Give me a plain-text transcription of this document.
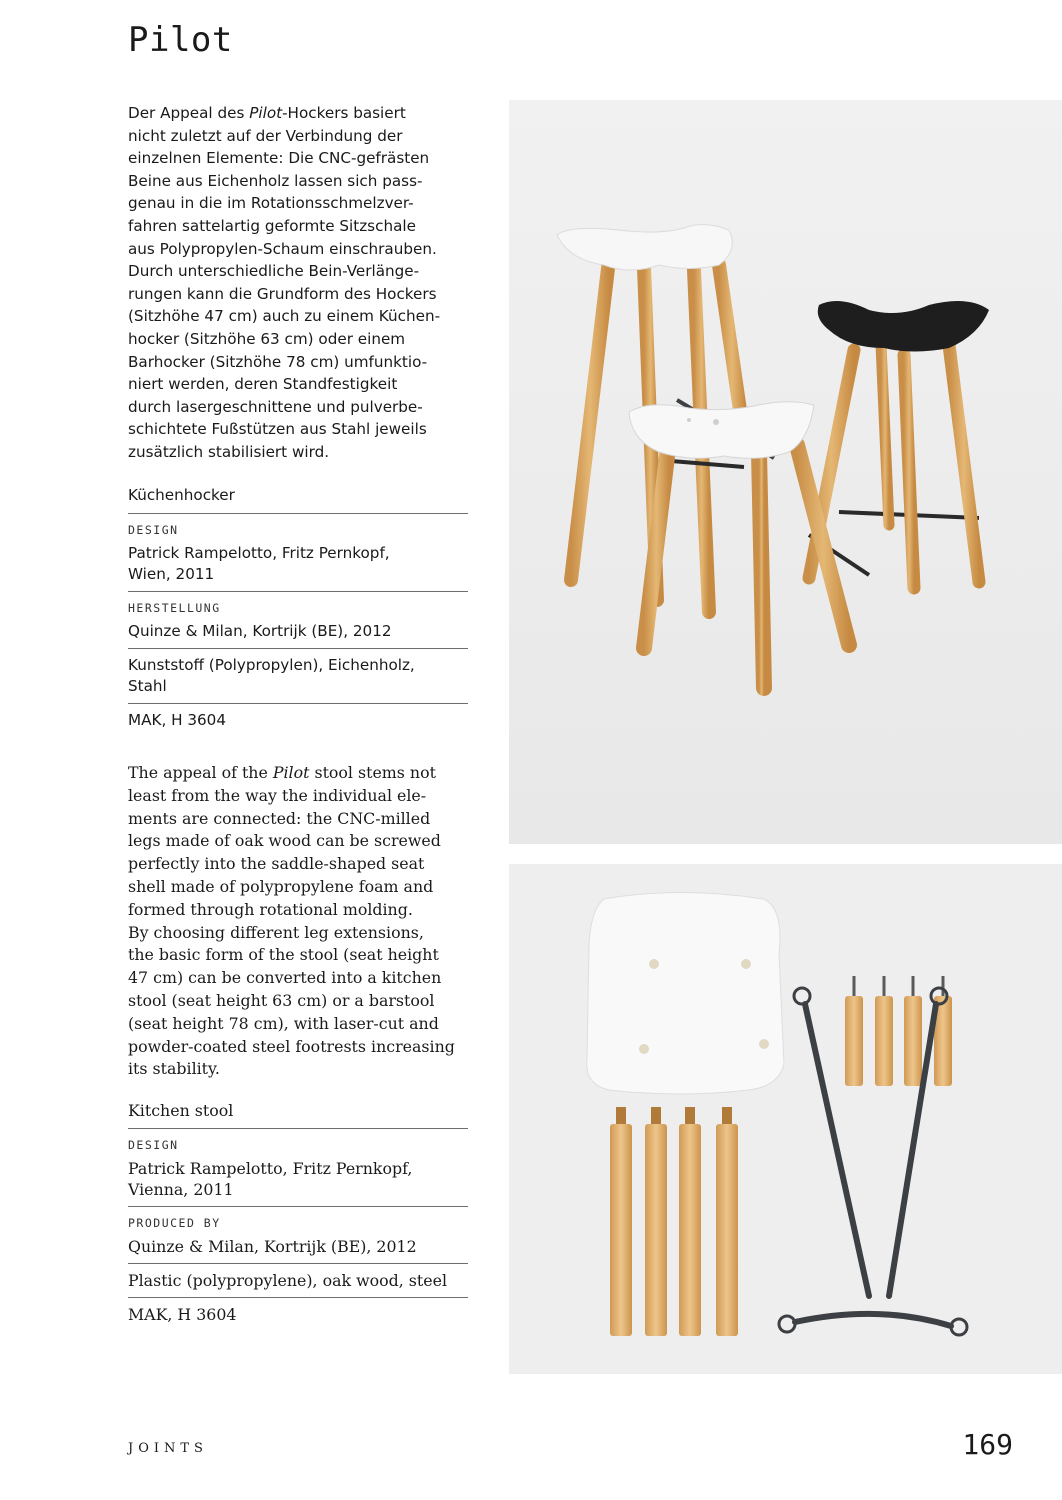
Pilot

Der Appeal des Pilot-Hockers basiert
nicht zuletzt auf der Verbindung der
einzelnen Elemente: Die CNC-gefrästen
Beine aus Eichenholz lassen sich pass-
genau in die im Rotationsschmelzver-
fahren sattelartig geformte Sitzschale
aus Polypropylen-Schaum einschrauben.
Durch unterschiedliche Bein-Verlänge-
rungen kann die Grundform des Hockers
(Sitzhöhe 47 cm) auch zu einem Küchen-
hocker (Sitzhöhe 63 cm) oder einem
Barhocker (Sitzhöhe 78 cm) umfunktio-
niert werden, deren Standfestigkeit
durch lasergeschnittene und pulverbe-
schichtete Fußstützen aus Stahl jeweils
zusätzlich stabilisiert wird.

Küchenhocker
DESIGN
Patrick Rampelotto, Fritz Pernkopf,
Wien, 2011
HERSTELLUNG
Quinze & Milan, Kortrijk (BE), 2012
Kunststoff (Polypropylen), Eichenholz,
Stahl
MAK, H 3604

The appeal of the Pilot stool stems not
least from the way the individual ele-
ments are connected: the CNC-milled
legs made of oak wood can be screwed
perfectly into the saddle-shaped seat
shell made of polypropylene foam and
formed through rotational molding.
By choosing different leg extensions,
the basic form of the stool (seat height
47 cm) can be converted into a kitchen
stool (seat height 63 cm) or a barstool
(seat height 78 cm), with laser-cut and
powder-coated steel footrests increasing
its stability.

Kitchen stool
DESIGN
Patrick Rampelotto, Fritz Pernkopf,
Vienna, 2011
PRODUCED BY
Quinze & Milan, Kortrijk (BE), 2012
Plastic (polypropylene), oak wood, steel
MAK, H 3604
JOINTS	169
